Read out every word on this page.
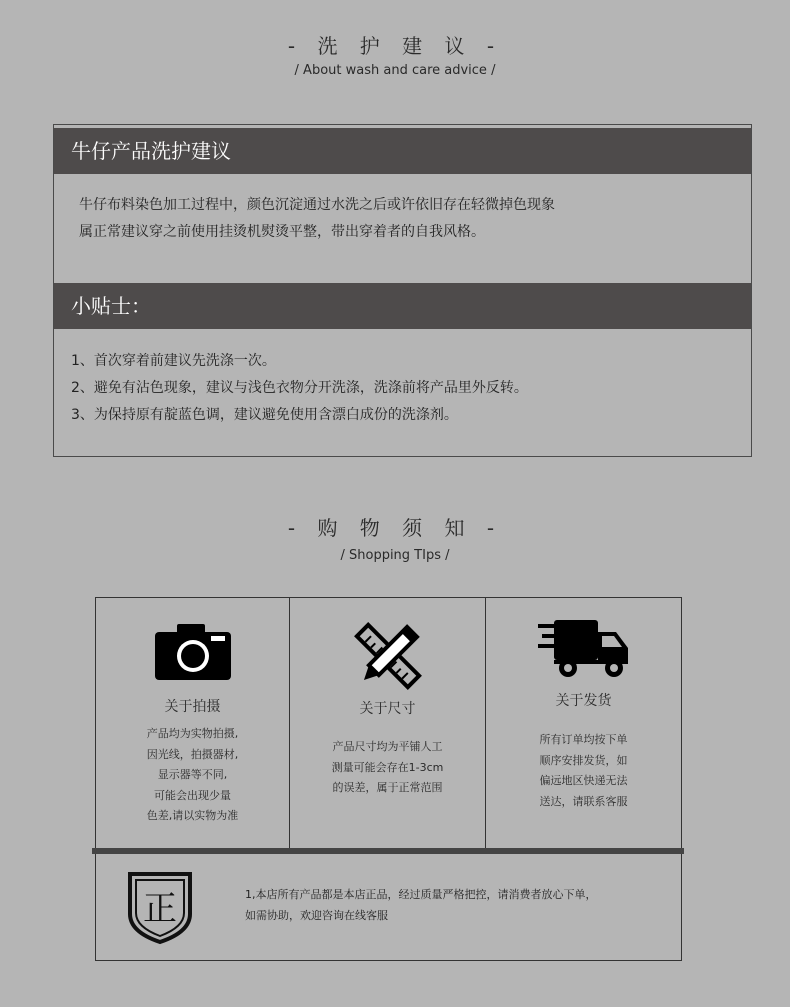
- 洗 护 建 议 -
/ About wash and care advice /
牛仔产品洗护建议
牛仔布料染色加工过程中，颜色沉淀通过水洗之后或许依旧存在轻微掉色现象
属正常建议穿之前使用挂烫机熨烫平整，带出穿着者的自我风格。
小贴士：
1、首次穿着前建议先洗涤一次。
2、避免有沾色现象，建议与浅色衣物分开洗涤，洗涤前将产品里外反转。
3、为保持原有靛蓝色调，建议避免使用含漂白成份的洗涤剂。
- 购 物 须 知 -
/ Shopping TIps /
关于拍摄
产品均为实物拍摄,
因光线，拍摄器材,
显示器等不同,
可能会出现少量
色差,请以实物为准
关于尺寸
产品尺寸均为平铺人工
测量可能会存在1-3cm
的误差，属于正常范围
关于发货
所有订单均按下单
顺序安排发货，如
偏远地区快递无法
送达，请联系客服
正	1,本店所有产品都是本店正品，经过质量严格把控，请消费者放心下单，
如需协助，欢迎咨询在线客服
